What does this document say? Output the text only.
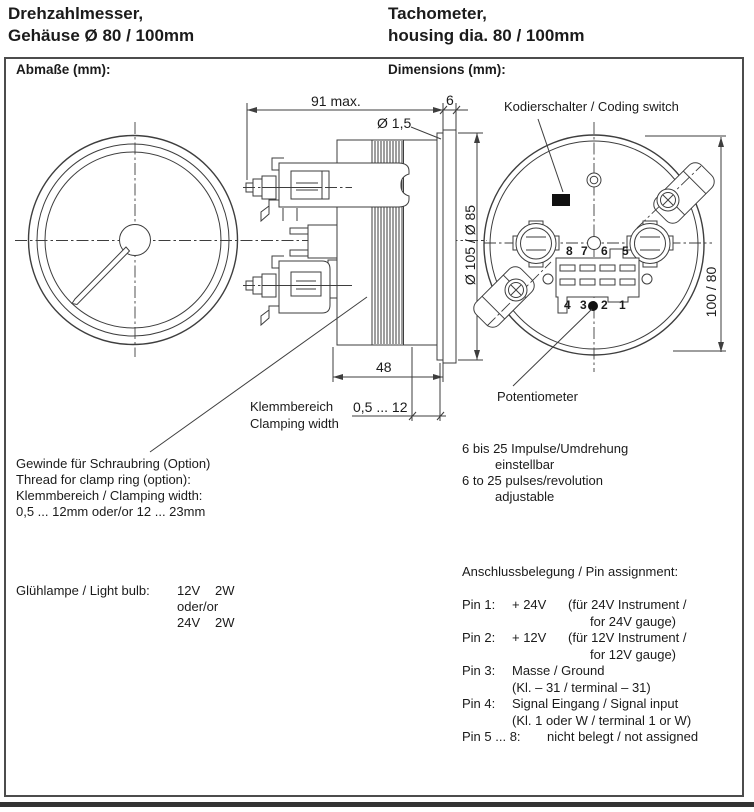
Drehzahlmesser,
Gehäuse Ø 80 / 100mm
Tachometer,
housing dia. 80 / 100mm
Abmaße (mm):	Dimensions (mm):
91 max.	6
Ø 1,5
Ø 105 / Ø 85
48
0,5 ... 12
100 / 80
Klemmbereich
Clamping width
Kodierschalter / Coding switch
Potentiometer
8 7 6 5
4 3 2 1
Gewinde für Schraubring (Option)
Thread for clamp ring (option):
Klemmbereich / Clamping width:
0,5 ... 12mm oder/or 12 ... 23mm
Glühlampe / Light bulb: 12V 2W
oder/or
24V 2W
6 bis 25 Impulse/Umdrehung
einstellbar
6 to 25 pulses/revolution
adjustable
Anschlussbelegung / Pin assignment:
Pin 1: + 24V (für 24V Instrument /
for 24V gauge)
Pin 2: + 12V (für 12V Instrument /
for 12V gauge)
Pin 3: Masse / Ground
(Kl. – 31 / terminal – 31)
Pin 4: Signal Eingang / Signal input
(Kl. 1 oder W / terminal 1 or W)
Pin 5 ... 8: nicht belegt / not assigned
